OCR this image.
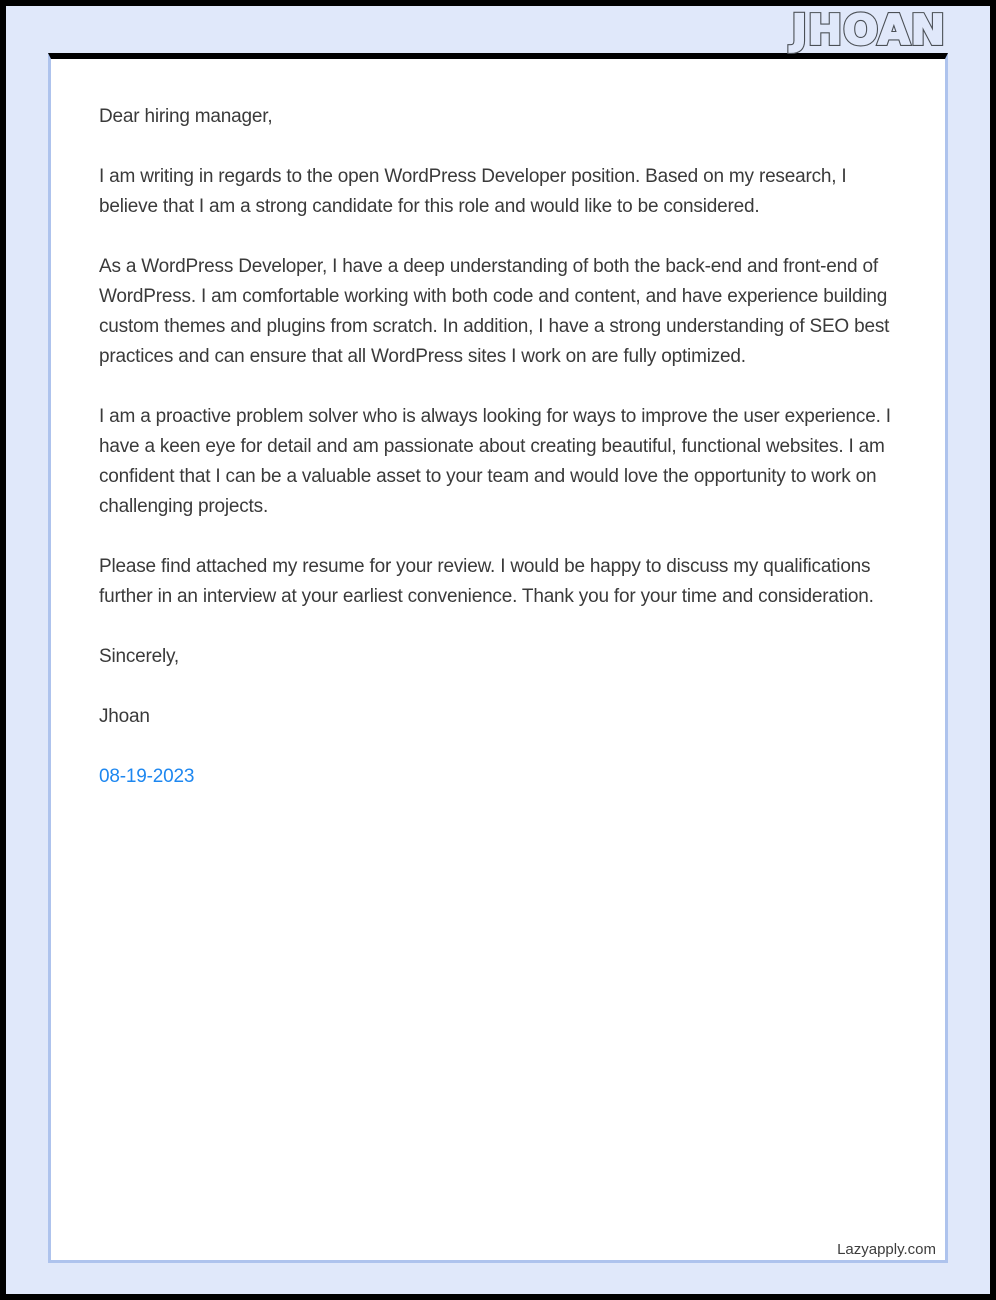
JHOAN JHOAN

Dear hiring manager,

I am writing in regards to the open WordPress Developer position. Based on my research, I believe that I am a strong candidate for this role and would like to be considered.

As a WordPress Developer, I have a deep understanding of both the back-end and front-end of WordPress. I am comfortable working with both code and content, and have experience building custom themes and plugins from scratch. In addition, I have a strong understanding of SEO best practices and can ensure that all WordPress sites I work on are fully optimized.

I am a proactive problem solver who is always looking for ways to improve the user experience. I have a keen eye for detail and am passionate about creating beautiful, functional websites. I am confident that I can be a valuable asset to your team and would love the opportunity to work on challenging projects.

Please find attached my resume for your review. I would be happy to discuss my qualifications further in an interview at your earliest convenience. Thank you for your time and consideration.

Sincerely,

Jhoan

08-19-2023

Lazyapply.com
